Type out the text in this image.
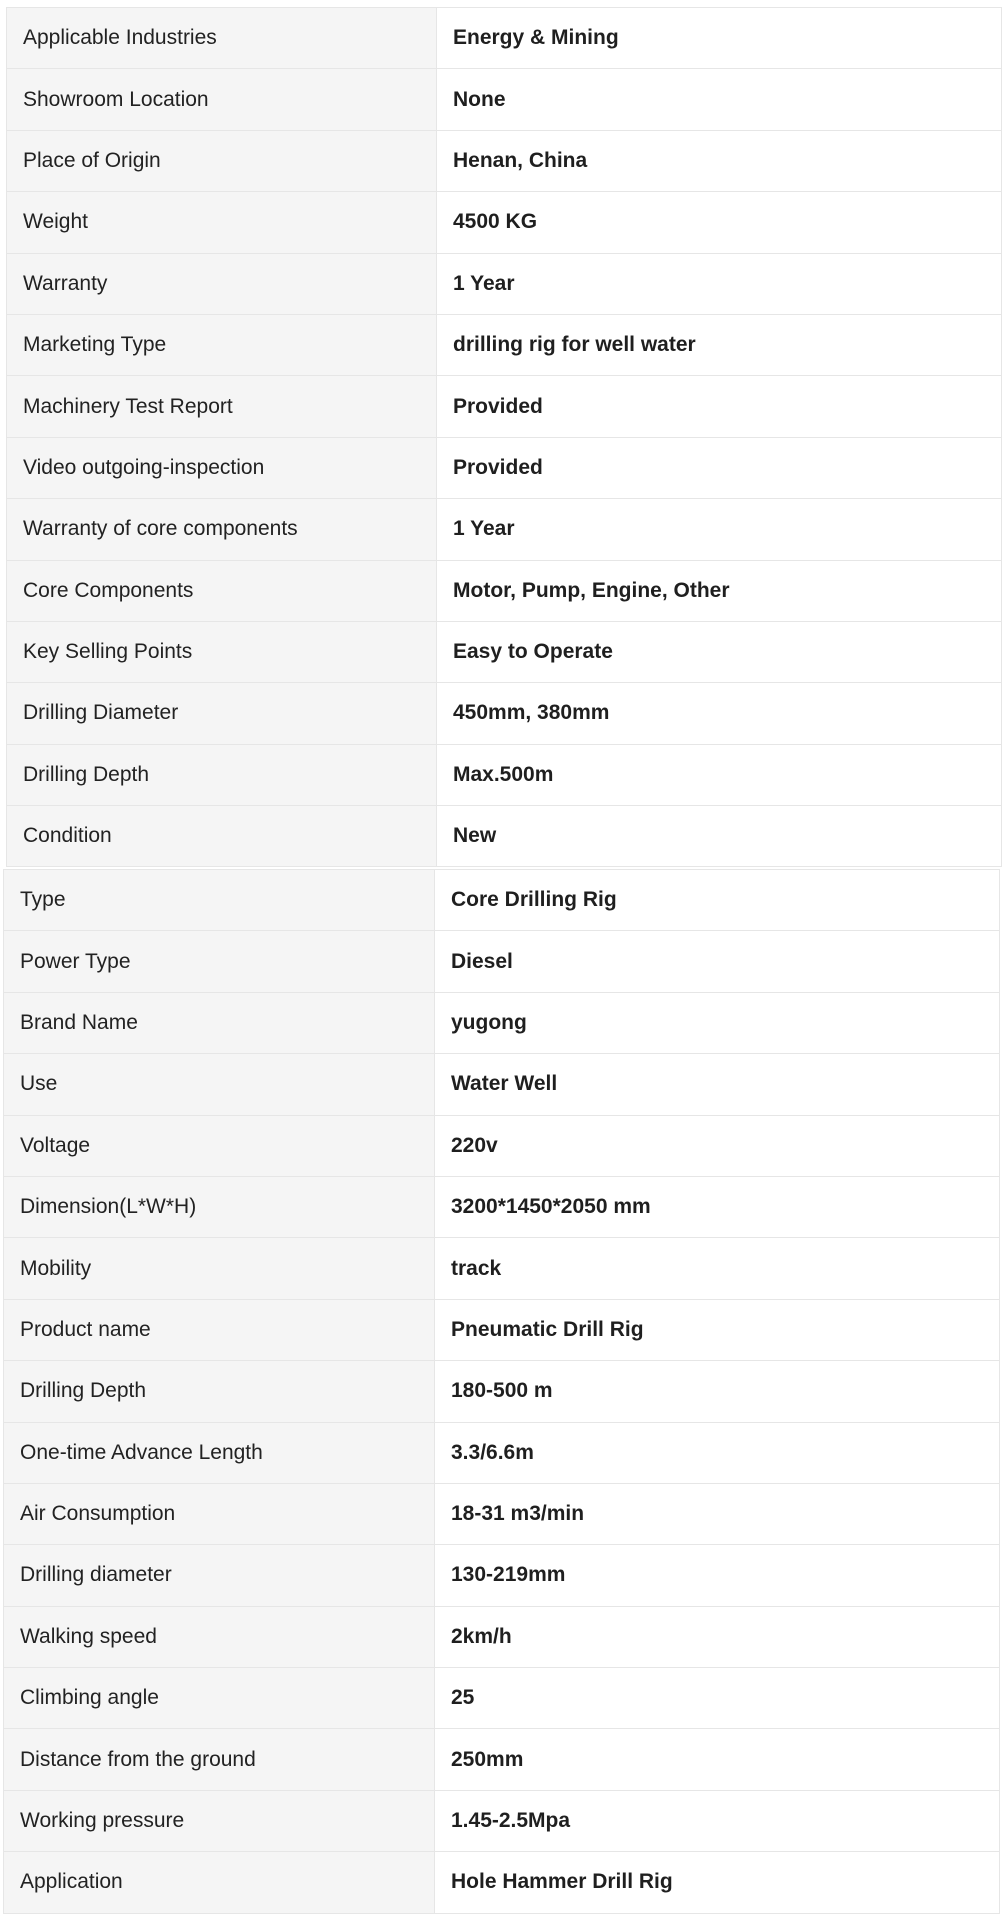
Applicable Industries	Energy & Mining
Showroom Location	None
Place of Origin	Henan, China
Weight	4500 KG
Warranty	1 Year
Marketing Type	drilling rig for well water
Machinery Test Report	Provided
Video outgoing-inspection	Provided
Warranty of core components	1 Year
Core Components	Motor, Pump, Engine, Other
Key Selling Points	Easy to Operate
Drilling Diameter	450mm, 380mm
Drilling Depth	Max.500m
Condition	New
Type	Core Drilling Rig
Power Type	Diesel
Brand Name	yugong
Use	Water Well
Voltage	220v
Dimension(L*W*H)	3200*1450*2050 mm
Mobility	track
Product name	Pneumatic Drill Rig
Drilling Depth	180-500 m
One-time Advance Length	3.3/6.6m
Air Consumption	18-31 m3/min
Drilling diameter	130-219mm
Walking speed	2km/h
Climbing angle	25
Distance from the ground	250mm
Working pressure	1.45-2.5Mpa
Application	Hole Hammer Drill Rig
